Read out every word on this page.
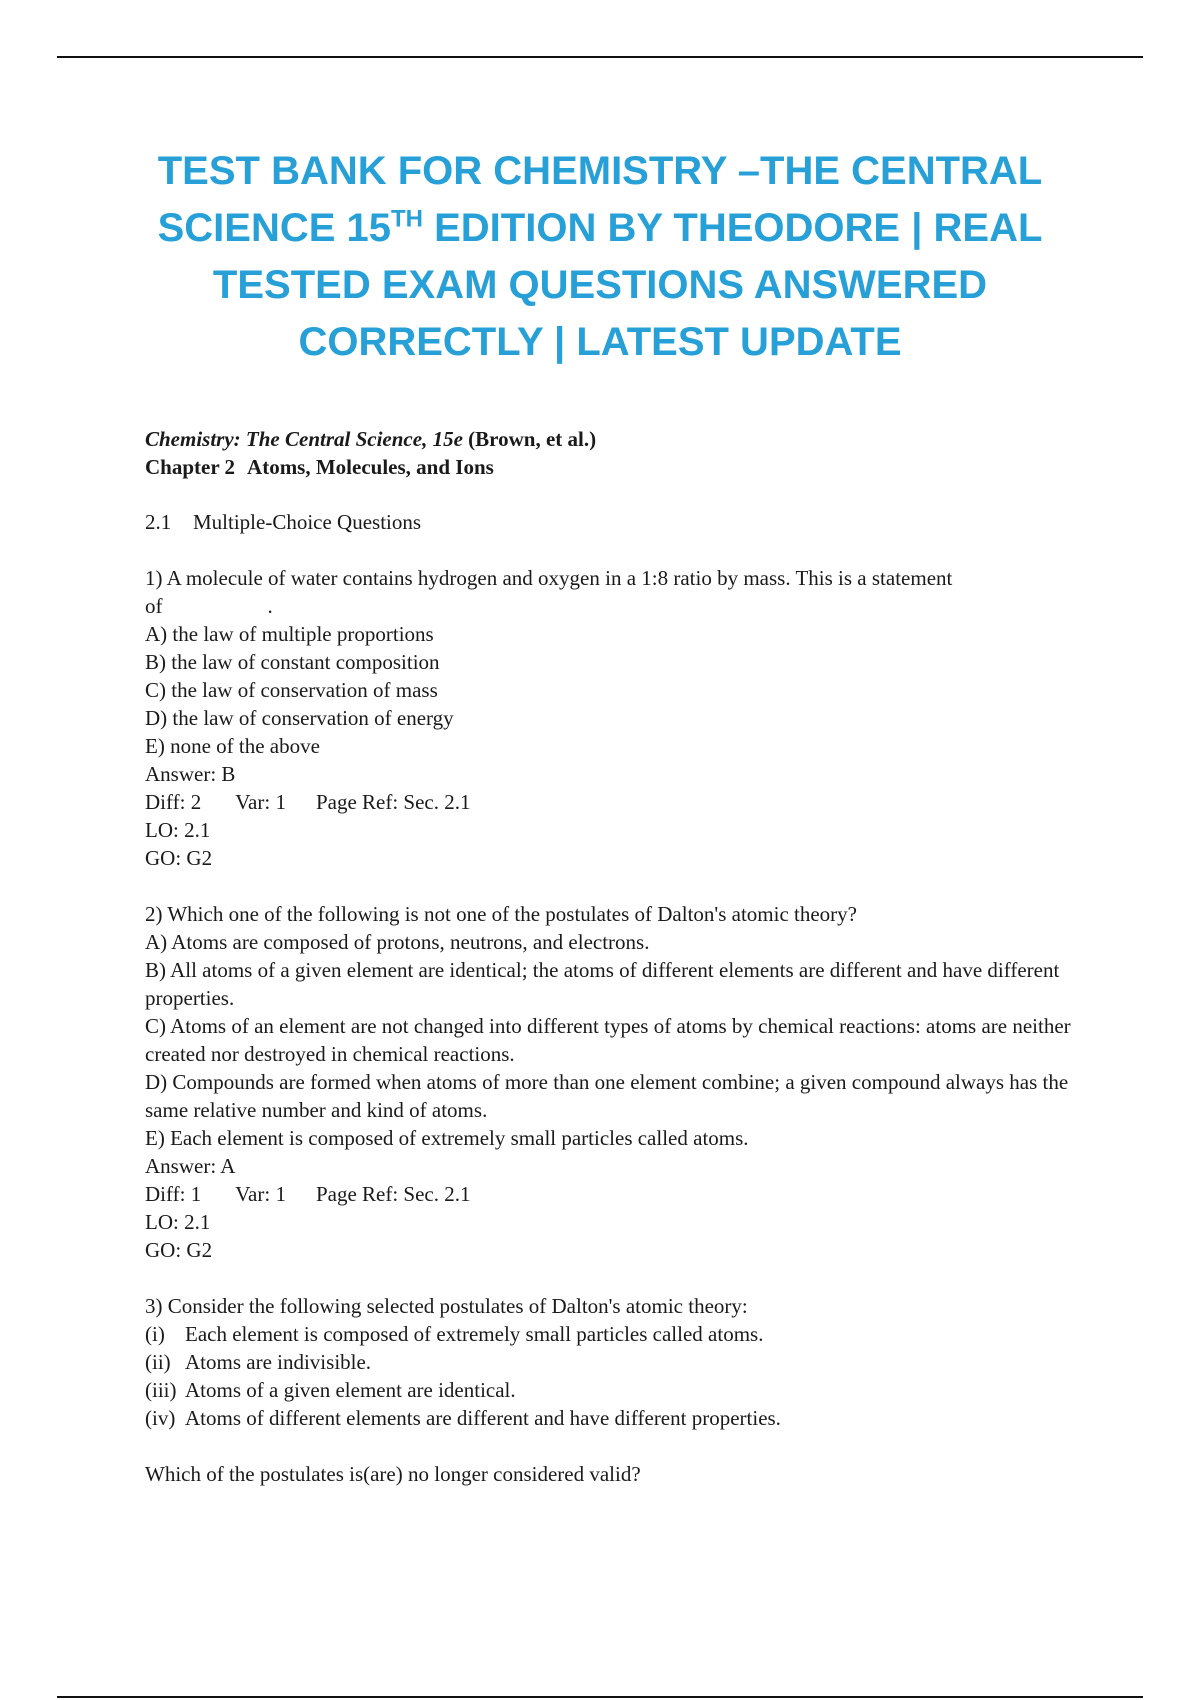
TEST BANK FOR CHEMISTRY –THE CENTRAL
SCIENCE 15TH EDITION BY THEODORE | REAL
TESTED EXAM QUESTIONS ANSWERED
CORRECTLY | LATEST UPDATE
Chemistry: The Central Science, 15e (Brown, et al.)
Chapter 2 Atoms, Molecules, and Ions
2.1 Multiple-Choice Questions
1) A molecule of water contains hydrogen and oxygen in a 1:8 ratio by mass. This is a statement
of	.
A) the law of multiple proportions
B) the law of constant composition
C) the law of conservation of mass
D) the law of conservation of energy
E) none of the above
Answer: B
Diff: 2 Var: 1 Page Ref: Sec. 2.1
LO: 2.1
GO: G2
2) Which one of the following is not one of the postulates of Dalton's atomic theory?
A) Atoms are composed of protons, neutrons, and electrons.
B) All atoms of a given element are identical; the atoms of different elements are different and have different properties.
C) Atoms of an element are not changed into different types of atoms by chemical reactions: atoms are neither created nor destroyed in chemical reactions.
D) Compounds are formed when atoms of more than one element combine; a given compound always has the same relative number and kind of atoms.
E) Each element is composed of extremely small particles called atoms.
Answer: A
Diff: 1 Var: 1 Page Ref: Sec. 2.1
LO: 2.1
GO: G2
3) Consider the following selected postulates of Dalton's atomic theory:
(i) Each element is composed of extremely small particles called atoms.
(ii) Atoms are indivisible.
(iii) Atoms of a given element are identical.
(iv) Atoms of different elements are different and have different properties.
Which of the postulates is(are) no longer considered valid?
